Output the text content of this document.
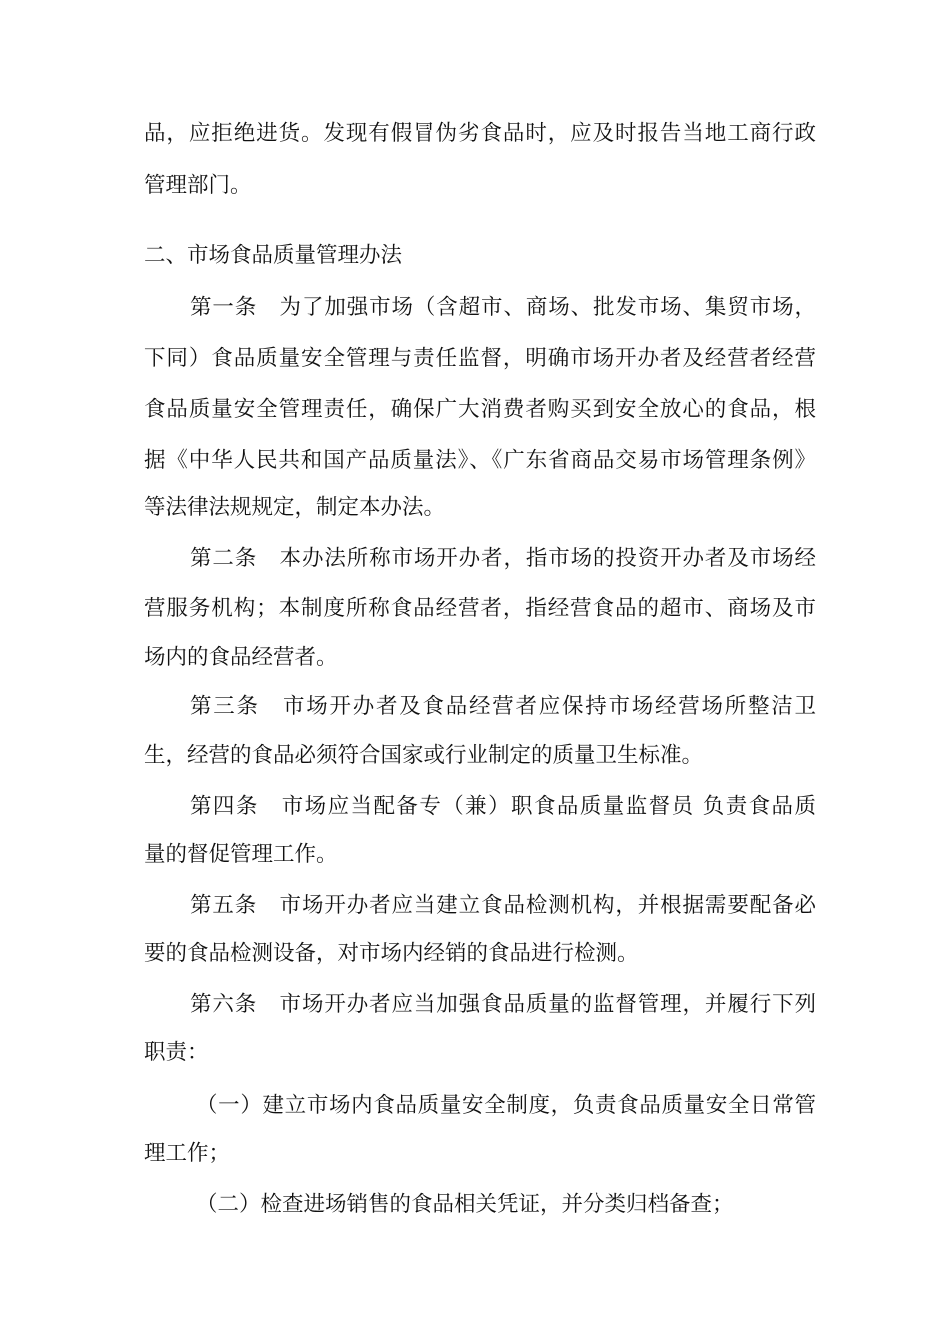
品，应拒绝进货。发现有假冒伪劣食品时，应及时报告当地工商行政
管理部门。
二、市场食品质量管理办法
第一条　为了加强市场（含超市、商场、批发市场、集贸市场，
下同）食品质量安全管理与责任监督，明确市场开办者及经营者经营
食品质量安全管理责任，确保广大消费者购买到安全放心的食品，根
据《中华人民共和国产品质量法》、《广东省商品交易市场管理条例》
等法律法规规定，制定本办法。
第二条　本办法所称市场开办者，指市场的投资开办者及市场经
营服务机构；本制度所称食品经营者，指经营食品的超市、商场及市
场内的食品经营者。
第三条　市场开办者及食品经营者应保持市场经营场所整洁卫
生，经营的食品必须符合国家或行业制定的质量卫生标准。
第四条　市场应当配备专（兼）职食品质量监督员 负责食品质
量的督促管理工作。
第五条　市场开办者应当建立食品检测机构，并根据需要配备必
要的食品检测设备，对市场内经销的食品进行检测。
第六条　市场开办者应当加强食品质量的监督管理，并履行下列
职责：
（一）建立市场内食品质量安全制度，负责食品质量安全日常管
理工作；
（二）检查进场销售的食品相关凭证，并分类归档备查；
